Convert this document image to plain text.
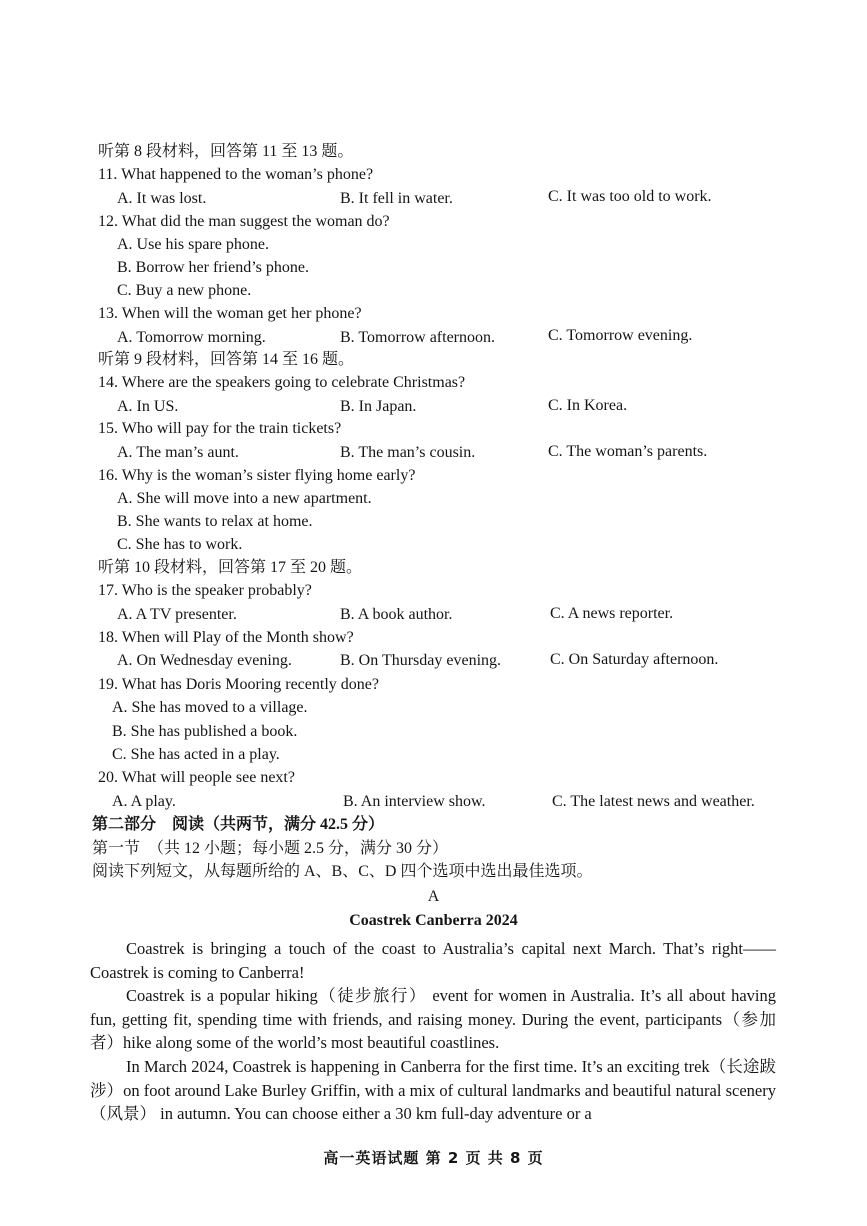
听第 8 段材料，回答第 11 至 13 题。
11. What happened to the woman’s phone?
A. It was lost.	B. It fell in water.	C. It was too old to work.
12. What did the man suggest the woman do?
A. Use his spare phone.
B. Borrow her friend’s phone.
C. Buy a new phone.
13. When will the woman get her phone?
A. Tomorrow morning.	B. Tomorrow afternoon.	C. Tomorrow evening.
听第 9 段材料，回答第 14 至 16 题。
14. Where are the speakers going to celebrate Christmas?
A. In US.	B. In Japan.	C. In Korea.
15. Who will pay for the train tickets?
A. The man’s aunt.	B. The man’s cousin.	C. The woman’s parents.
16. Why is the woman’s sister flying home early?
A. She will move into a new apartment.
B. She wants to relax at home.
C. She has to work.
听第 10 段材料，回答第 17 至 20 题。
17. Who is the speaker probably?
A. A TV presenter.	B. A book author.	C. A news reporter.
18. When will Play of the Month show?
A. On Wednesday evening.	B. On Thursday evening.	C. On Saturday afternoon.
19. What has Doris Mooring recently done?
A. She has moved to a village.
B. She has published a book.
C. She has acted in a play.
20. What will people see next?
A. A play.	B. An interview show.	C. The latest news and weather.
第二部分　阅读（共两节，满分 42.5 分）
第一节　（共 12 小题；每小题 2.5 分，满分 30 分）
阅读下列短文，从每题所给的 A、B、C、D 四个选项中选出最佳选项。
A
Coastrek Canberra 2024

Coastrek is bringing a touch of the coast to Australia’s capital next March. That’s right——Coastrek is coming to Canberra!

Coastrek is a popular hiking（徒步旅行） event for women in Australia. It’s all about having fun, getting fit, spending time with friends, and raising money. During the event, participants（参加者）hike along some of the world’s most beautiful coastlines.

In March 2024, Coastrek is happening in Canberra for the first time. It’s an exciting trek（长途跋涉）on foot around Lake Burley Griffin, with a mix of cultural landmarks and beautiful natural scenery（风景） in autumn. You can choose either a 30 km full-day adventure or a

高一英语试题 第 2 页 共 8 页
